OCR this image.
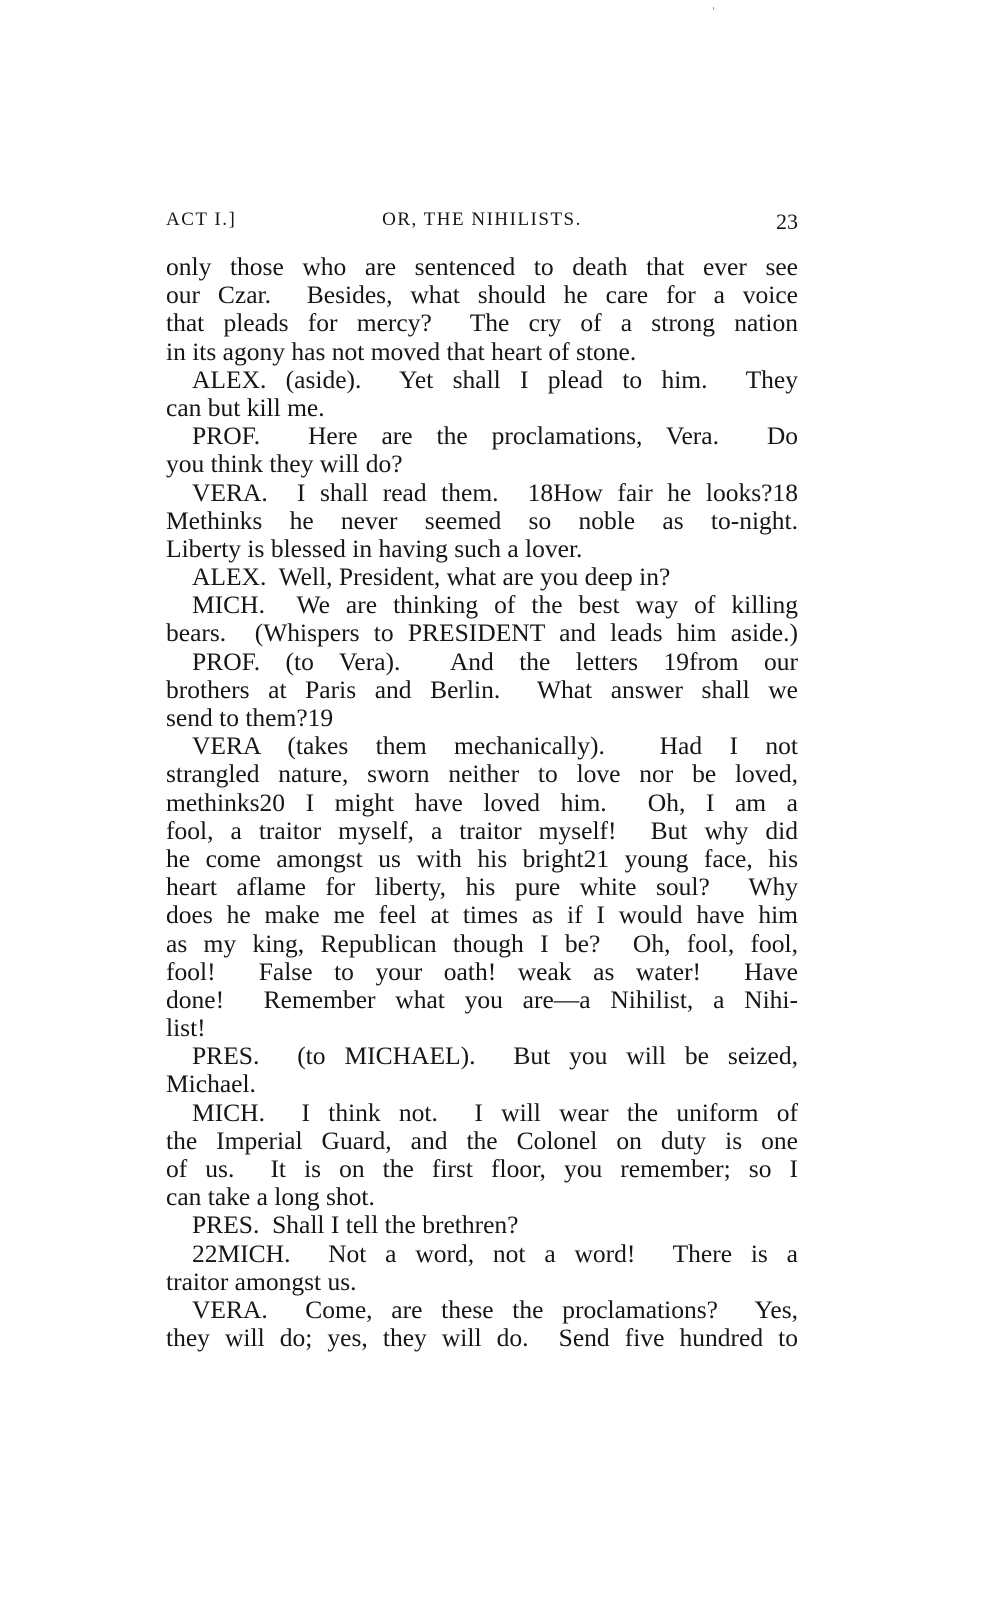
ACT I.]	OR, THE NIHILISTS.	23
only those who are sentenced to death that ever see
our Czar.  Besides, what should he care for a voice
that pleads for mercy?  The cry of a strong nation
in its agony has not moved that heart of stone.
ALEX. (aside).  Yet shall I plead to him.  They
can but kill me.
PROF.  Here are the proclamations, Vera.  Do
you think they will do?
VERA.  I shall read them.  18How fair he looks?18
Methinks he never seemed so noble as to-night.
Liberty is blessed in having such a lover.
ALEX.  Well, President, what are you deep in?
MICH.  We are thinking of the best way of killing
bears.  (Whispers to PRESIDENT and leads him aside.)
PROF. (to Vera).  And the letters 19from our
brothers at Paris and Berlin.  What answer shall we
send to them?19
VERA (takes them mechanically).  Had I not
strangled nature, sworn neither to love nor be loved,
methinks20 I might have loved him.  Oh, I am a
fool, a traitor myself, a traitor myself!  But why did
he come amongst us with his bright21 young face, his
heart aflame for liberty, his pure white soul?  Why
does he make me feel at times as if I would have him
as my king, Republican though I be?  Oh, fool, fool,
fool!  False to your oath! weak as water!  Have
done!  Remember what you are—a Nihilist, a Nihi-
list!
PRES.  (to MICHAEL).  But you will be seized,
Michael.
MICH.  I think not.  I will wear the uniform of
the Imperial Guard, and the Colonel on duty is one
of us.  It is on the first floor, you remember; so I
can take a long shot.
PRES.  Shall I tell the brethren?
22MICH.  Not a word, not a word!  There is a
traitor amongst us.
VERA.  Come, are these the proclamations?  Yes,
they will do; yes, they will do.  Send five hundred to
